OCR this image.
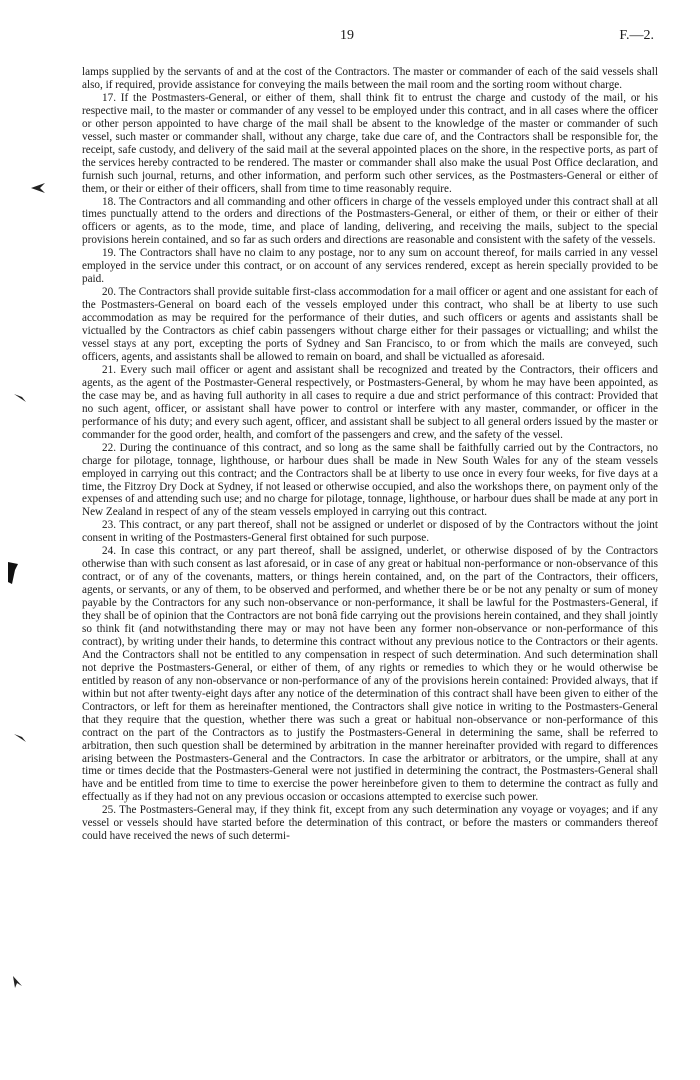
19	F.—2.

lamps supplied by the servants of and at the cost of the Contractors. The master or commander of each of the said vessels shall also, if required, provide assistance for conveying the mails between the mail room and the sorting room without charge.

17. If the Postmasters-General, or either of them, shall think fit to entrust the charge and custody of the mail, or his respective mail, to the master or commander of any vessel to be employed under this contract, and in all cases where the officer or other person appointed to have charge of the mail shall be absent to the knowledge of the master or commander of such vessel, such master or commander shall, without any charge, take due care of, and the Contractors shall be responsible for, the receipt, safe custody, and delivery of the said mail at the several appointed places on the shore, in the respective ports, as part of the services hereby contracted to be rendered. The master or commander shall also make the usual Post Office declaration, and furnish such journal, returns, and other information, and perform such other services, as the Postmasters-General or either of them, or their or either of their officers, shall from time to time reasonably require.

18. The Contractors and all commanding and other officers in charge of the vessels employed under this contract shall at all times punctually attend to the orders and directions of the Postmasters-General, or either of them, or their or either of their officers or agents, as to the mode, time, and place of landing, delivering, and receiving the mails, subject to the special provisions herein contained, and so far as such orders and directions are reasonable and consistent with the safety of the vessels.

19. The Contractors shall have no claim to any postage, nor to any sum on account thereof, for mails carried in any vessel employed in the service under this contract, or on account of any services rendered, except as herein specially provided to be paid.

20. The Contractors shall provide suitable first-class accommodation for a mail officer or agent and one assistant for each of the Postmasters-General on board each of the vessels employed under this contract, who shall be at liberty to use such accommodation as may be required for the performance of their duties, and such officers or agents and assistants shall be victualled by the Contractors as chief cabin passengers without charge either for their passages or victualling; and whilst the vessel stays at any port, excepting the ports of Sydney and San Francisco, to or from which the mails are conveyed, such officers, agents, and assistants shall be allowed to remain on board, and shall be victualled as aforesaid.

21. Every such mail officer or agent and assistant shall be recognized and treated by the Contractors, their officers and agents, as the agent of the Postmaster-General respectively, or Postmasters-General, by whom he may have been appointed, as the case may be, and as having full authority in all cases to require a due and strict performance of this contract: Provided that no such agent, officer, or assistant shall have power to control or interfere with any master, commander, or officer in the performance of his duty; and every such agent, officer, and assistant shall be subject to all general orders issued by the master or commander for the good order, health, and comfort of the passengers and crew, and the safety of the vessel.

22. During the continuance of this contract, and so long as the same shall be faithfully carried out by the Contractors, no charge for pilotage, tonnage, lighthouse, or harbour dues shall be made in New South Wales for any of the steam vessels employed in carrying out this contract; and the Contractors shall be at liberty to use once in every four weeks, for five days at a time, the Fitzroy Dry Dock at Sydney, if not leased or otherwise occupied, and also the workshops there, on payment only of the expenses of and attending such use; and no charge for pilotage, tonnage, lighthouse, or harbour dues shall be made at any port in New Zealand in respect of any of the steam vessels employed in carrying out this contract.

23. This contract, or any part thereof, shall not be assigned or underlet or disposed of by the Contractors without the joint consent in writing of the Postmasters-General first obtained for such purpose.

24. In case this contract, or any part thereof, shall be assigned, underlet, or otherwise disposed of by the Contractors otherwise than with such consent as last aforesaid, or in case of any great or habitual non-performance or non-observance of this contract, or of any of the covenants, matters, or things herein contained, and, on the part of the Contractors, their officers, agents, or servants, or any of them, to be observed and performed, and whether there be or be not any penalty or sum of money payable by the Contractors for any such non-observance or non-performance, it shall be lawful for the Postmasters-General, if they shall be of opinion that the Contractors are not bonâ fide carrying out the provisions herein contained, and they shall jointly so think fit (and notwithstanding there may or may not have been any former non-observance or non-performance of this contract), by writing under their hands, to determine this contract without any previous notice to the Contractors or their agents. And the Contractors shall not be entitled to any compensation in respect of such determination. And such determination shall not deprive the Postmasters-General, or either of them, of any rights or remedies to which they or he would otherwise be entitled by reason of any non-observance or non-performance of any of the provisions herein contained: Provided always, that if within but not after twenty-eight days after any notice of the determination of this contract shall have been given to either of the Contractors, or left for them as hereinafter mentioned, the Contractors shall give notice in writing to the Postmasters-General that they require that the question, whether there was such a great or habitual non-observance or non-performance of this contract on the part of the Contractors as to justify the Postmasters-General in determining the same, shall be referred to arbitration, then such question shall be determined by arbitration in the manner hereinafter provided with regard to differences arising between the Postmasters-General and the Contractors. In case the arbitrator or arbitrators, or the umpire, shall at any time or times decide that the Postmasters-General were not justified in determining the contract, the Postmasters-General shall have and be entitled from time to time to exercise the power hereinbefore given to them to determine the contract as fully and effectually as if they had not on any previous occasion or occasions attempted to exercise such power.

25. The Postmasters-General may, if they think fit, except from any such determination any voyage or voyages; and if any vessel or vessels should have started before the determination of this contract, or before the masters or commanders thereof could have received the news of such determi-
